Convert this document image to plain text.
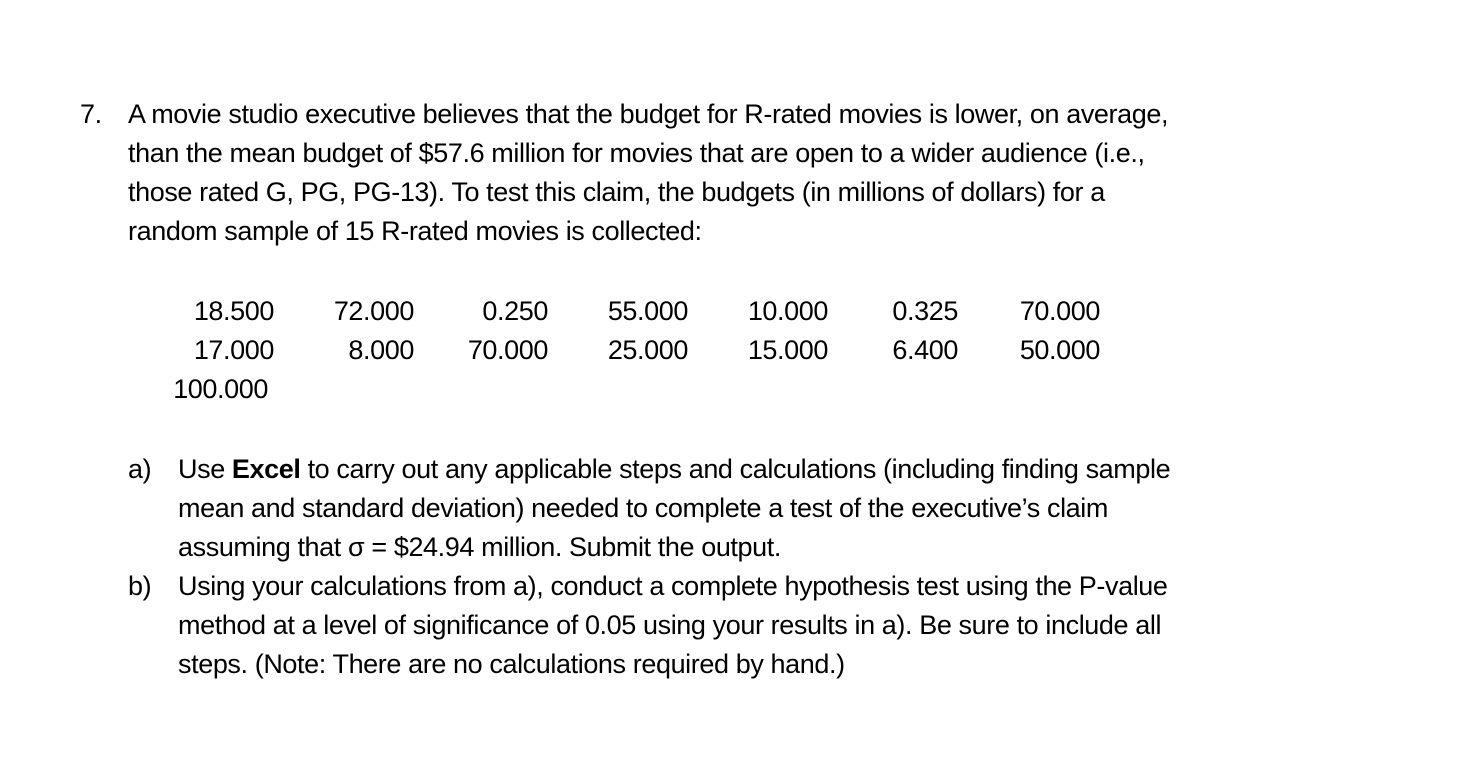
7. A movie studio executive believes that the budget for R-rated movies is lower, on average,
than the mean budget of $57.6 million for movies that are open to a wider audience (i.e.,
those rated G, PG, PG-13). To test this claim, the budgets (in millions of dollars) for a
random sample of 15 R-rated movies is collected:
18.500	72.000	0.250	55.000	10.000	0.325	70.000
17.000	8.000	70.000	25.000	15.000	6.400	50.000
100.000
a) Use Excel to carry out any applicable steps and calculations (including finding sample
mean and standard deviation) needed to complete a test of the executive’s claim
assuming that σ = $24.94 million. Submit the output.
b) Using your calculations from a), conduct a complete hypothesis test using the P-value
method at a level of significance of 0.05 using your results in a). Be sure to include all
steps. (Note: There are no calculations required by hand.)
